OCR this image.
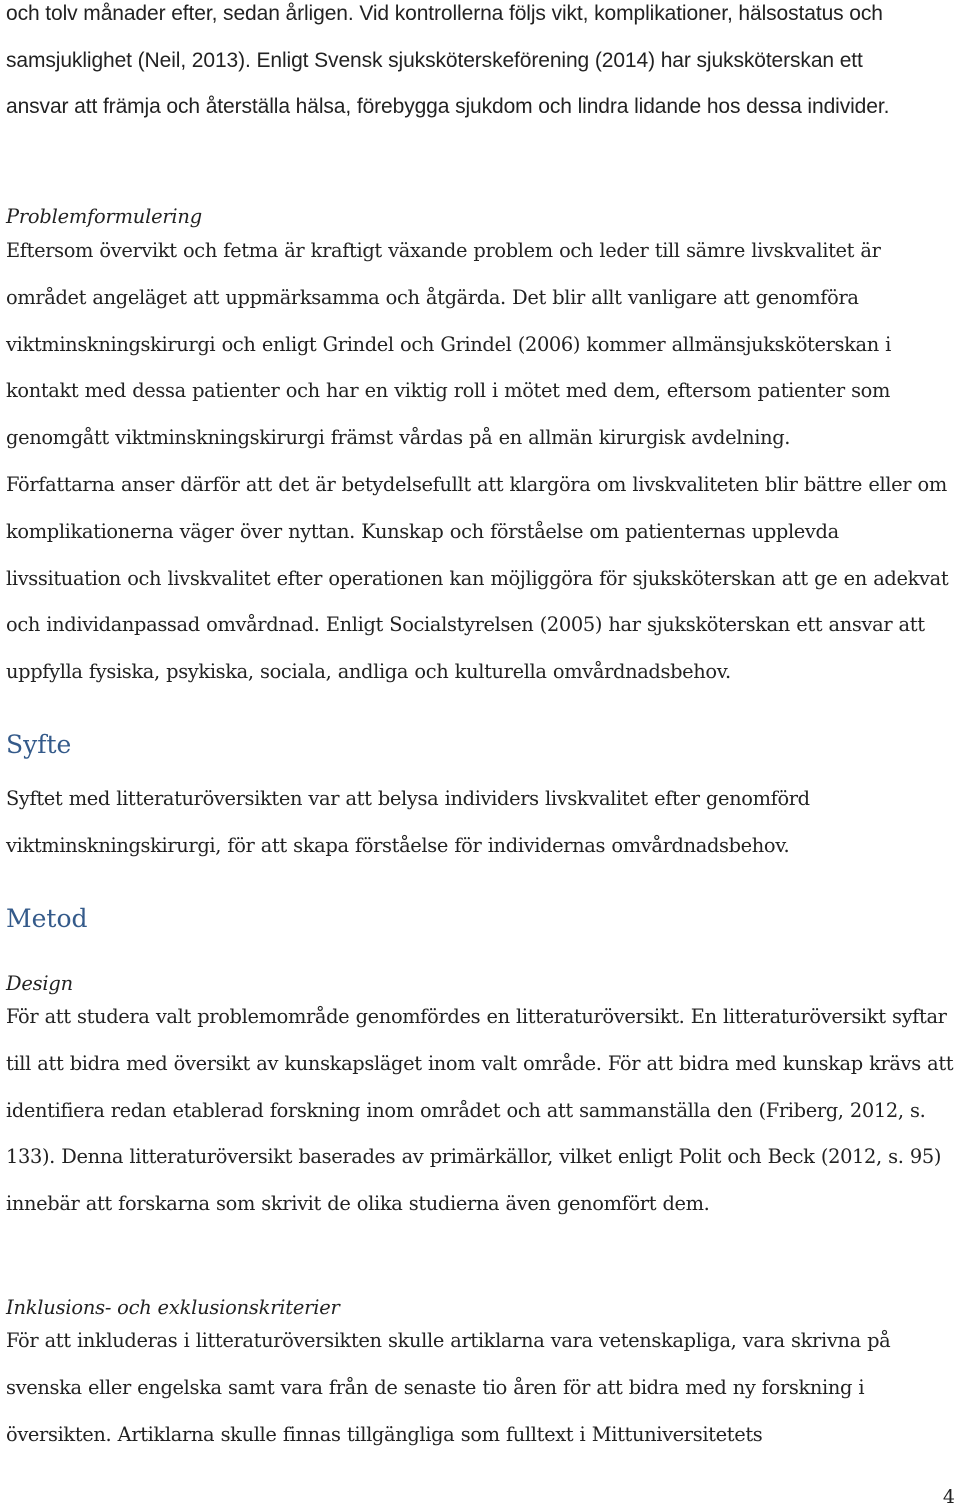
och tolv månader efter, sedan årligen. Vid kontrollerna följs vikt, komplikationer, hälsostatus och samsjuklighet (Neil, 2013). Enligt Svensk sjuksköterskeförening (2014) har sjuksköterskan ett ansvar att främja och återställa hälsa, förebygga sjukdom och lindra lidande hos dessa individer.

Problemformulering

Eftersom övervikt och fetma är kraftigt växande problem och leder till sämre livskvalitet är området angeläget att uppmärksamma och åtgärda. Det blir allt vanligare att genomföra viktminskningskirurgi och enligt Grindel och Grindel (2006) kommer allmänsjuksköterskan i kontakt med dessa patienter och har en viktig roll i mötet med dem, eftersom patienter som genomgått viktminskningskirurgi främst vårdas på en allmän kirurgisk avdelning.

Författarna anser därför att det är betydelsefullt att klargöra om livskvaliteten blir bättre eller om komplikationerna väger över nyttan. Kunskap och förståelse om patienternas upplevda livssituation och livskvalitet efter operationen kan möjliggöra för sjuksköterskan att ge en adekvat och individanpassad omvårdnad. Enligt Socialstyrelsen (2005) har sjuksköterskan ett ansvar att uppfylla fysiska, psykiska, sociala, andliga och kulturella omvårdnadsbehov.

Syfte

Syftet med litteraturöversikten var att belysa individers livskvalitet efter genomförd viktminskningskirurgi, för att skapa förståelse för individernas omvårdnadsbehov.

Metod

Design

För att studera valt problemområde genomfördes en litteraturöversikt. En litteraturöversikt syftar till att bidra med översikt av kunskapsläget inom valt område. För att bidra med kunskap krävs att identifiera redan etablerad forskning inom området och att sammanställa den (Friberg, 2012, s. 133). Denna litteraturöversikt baserades av primärkällor, vilket enligt Polit och Beck (2012, s. 95) innebär att forskarna som skrivit de olika studierna även genomfört dem.

Inklusions- och exklusionskriterier

För att inkluderas i litteraturöversikten skulle artiklarna vara vetenskapliga, vara skrivna på svenska eller engelska samt vara från de senaste tio åren för att bidra med ny forskning i översikten. Artiklarna skulle finnas tillgängliga som fulltext i Mittuniversitetets

4
